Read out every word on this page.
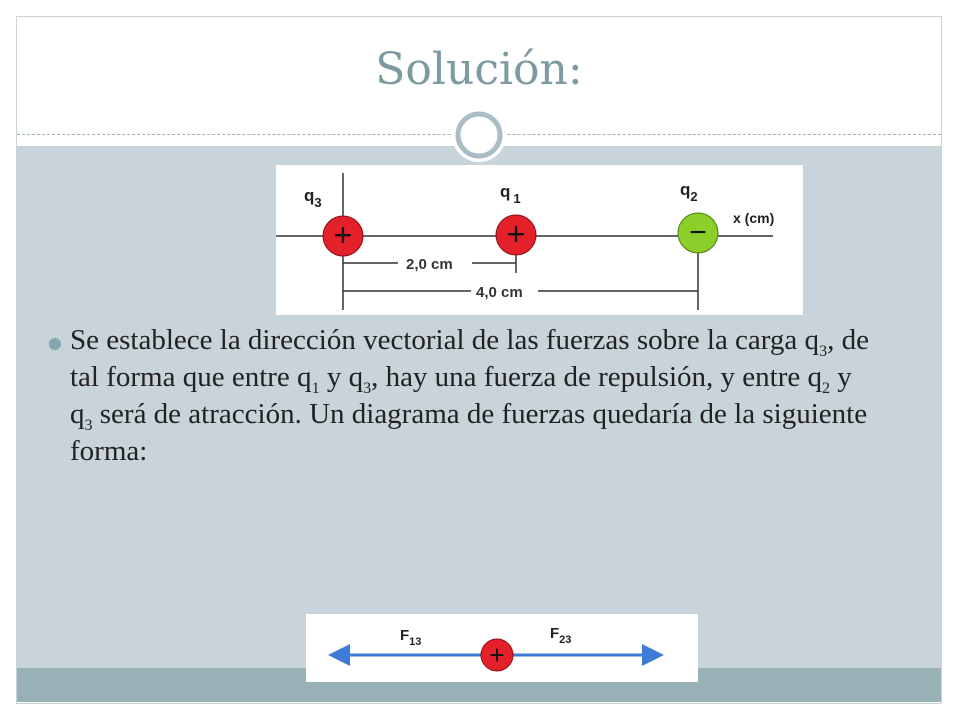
Solución:
2,0 cm
4,0 cm
$q_3$
q $_1$	$q_2$
x (cm)
+	+	−
Se establece la dirección vectorial de las fuerzas sobre la carga $q_3$, de tal forma que entre $q_1$ y $q_3$, hay una fuerza de repulsión, y entre $q_2$ y $q_3$ será de atracción. Un diagrama de fuerzas quedaría de la siguiente forma:
$F_{13}$	$F_{23}$
+
